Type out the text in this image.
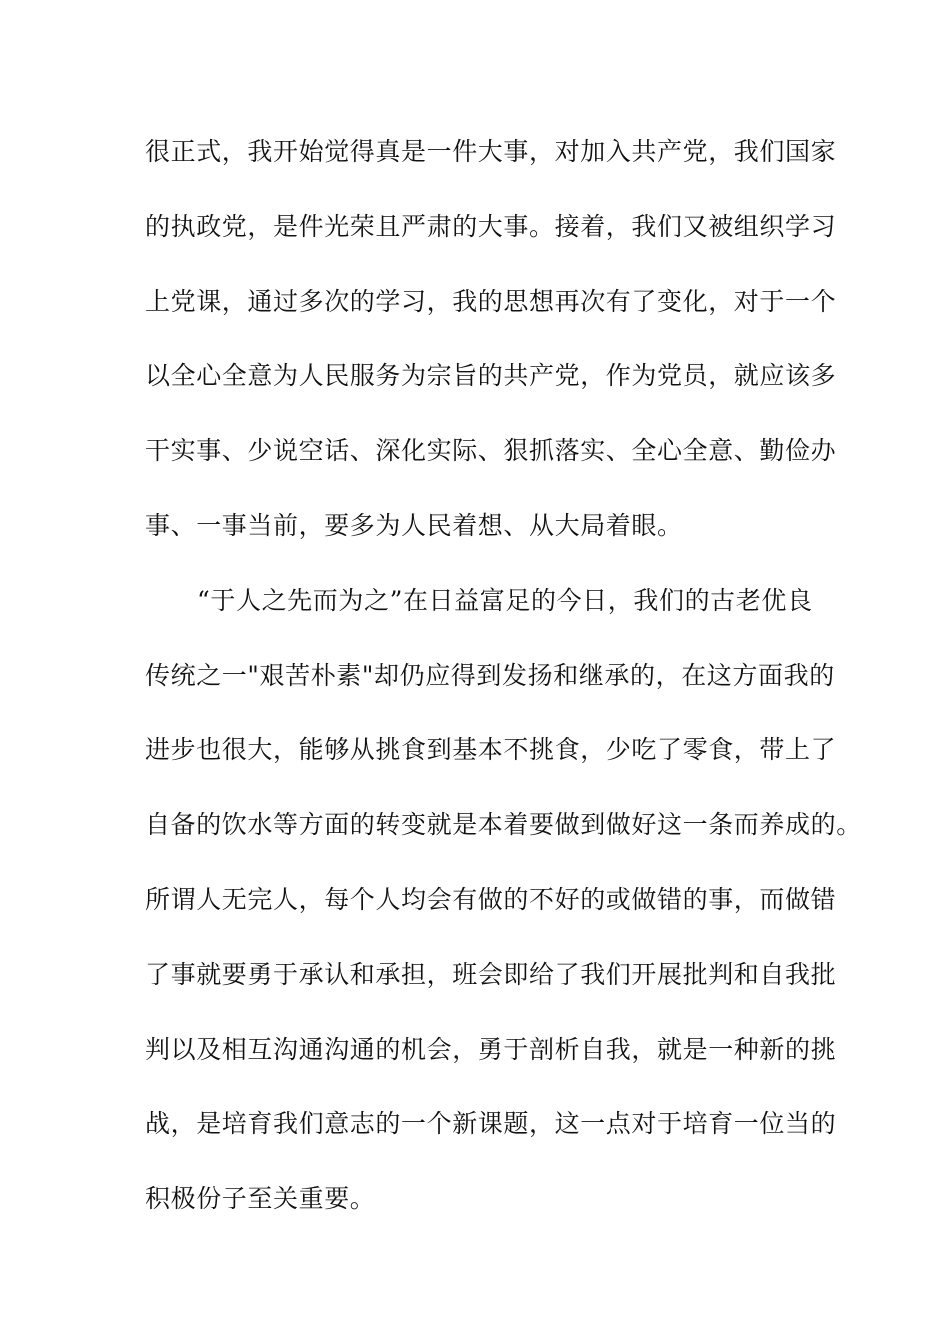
很正式，我开始觉得真是一件大事，对加入共产党，我们国家
的执政党，是件光荣且严肃的大事。接着，我们又被组织学习
上党课，通过多次的学习，我的思想再次有了变化，对于一个
以全心全意为人民服务为宗旨的共产党，作为党员，就应该多
干实事、少说空话、深化实际、狠抓落实、全心全意、勤俭办
事、一事当前，要多为人民着想、从大局着眼。
“于人之先而为之”在日益富足的今日，我们的古老优良
传统之一"艰苦朴素"却仍应得到发扬和继承的，在这方面我的
进步也很大，能够从挑食到基本不挑食，少吃了零食，带上了
自备的饮水等方面的转变就是本着要做到做好这一条而养成的。
所谓人无完人，每个人均会有做的不好的或做错的事，而做错
了事就要勇于承认和承担，班会即给了我们开展批判和自我批
判以及相互沟通沟通的机会，勇于剖析自我，就是一种新的挑
战，是培育我们意志的一个新课题，这一点对于培育一位当的
积极份子至关重要。
